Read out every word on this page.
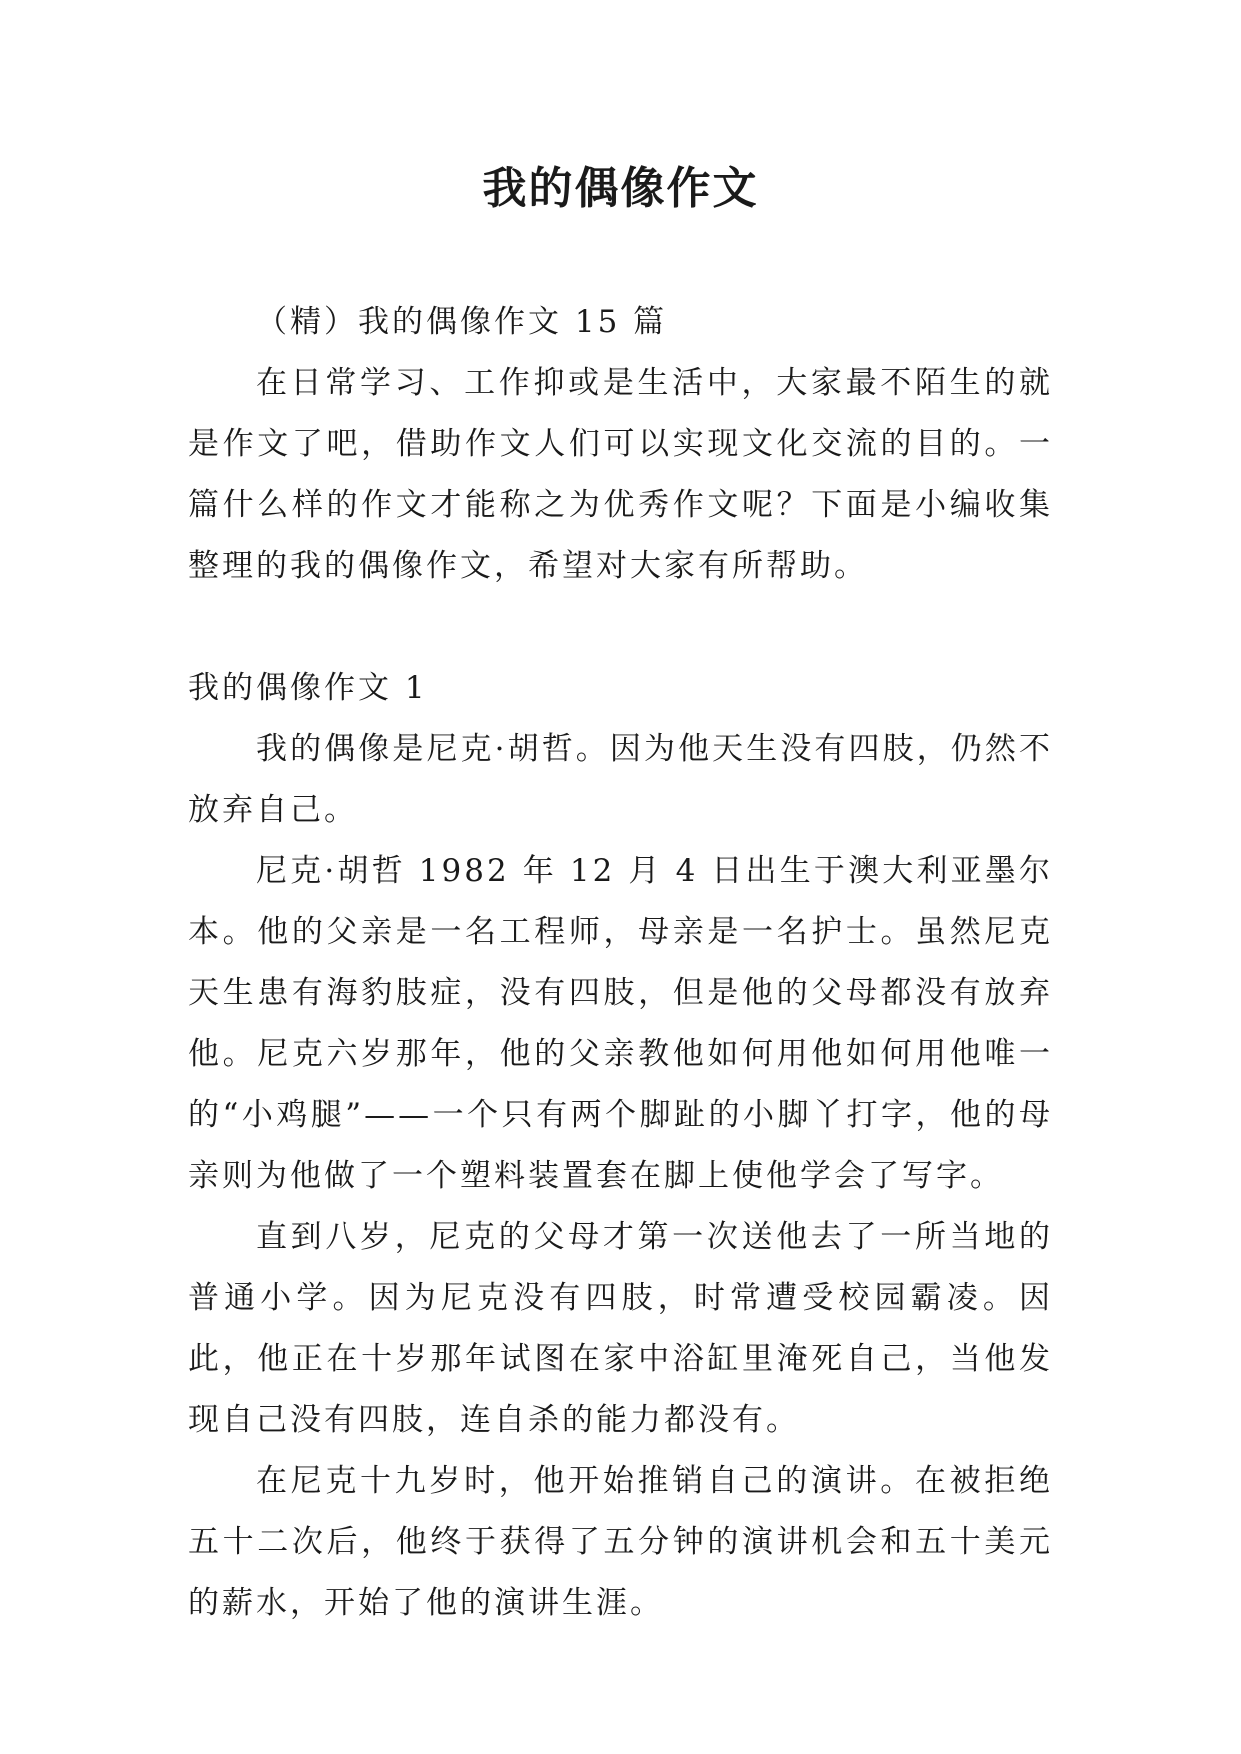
我的偶像作文

（精）我的偶像作文 15 篇

在日常学习、工作抑或是生活中，大家最不陌生的就是作文了吧，借助作文人们可以实现文化交流的目的。一篇什么样的作文才能称之为优秀作文呢？下面是小编收集整理的我的偶像作文，希望对大家有所帮助。

我的偶像作文 1

我的偶像是尼克·胡哲。因为他天生没有四肢，仍然不放弃自己。

尼克·胡哲 1982 年 12 月 4 日出生于澳大利亚墨尔本。他的父亲是一名工程师，母亲是一名护士。虽然尼克天生患有海豹肢症，没有四肢，但是他的父母都没有放弃他。尼克六岁那年，他的父亲教他如何用他如何用他唯一的“小鸡腿”——一个只有两个脚趾的小脚丫打字，他的母亲则为他做了一个塑料装置套在脚上使他学会了写字。

直到八岁，尼克的父母才第一次送他去了一所当地的普通小学。因为尼克没有四肢，时常遭受校园霸凌。因此，他正在十岁那年试图在家中浴缸里淹死自己，当他发现自己没有四肢，连自杀的能力都没有。

在尼克十九岁时，他开始推销自己的演讲。在被拒绝五十二次后，他终于获得了五分钟的演讲机会和五十美元的薪水，开始了他的演讲生涯。
